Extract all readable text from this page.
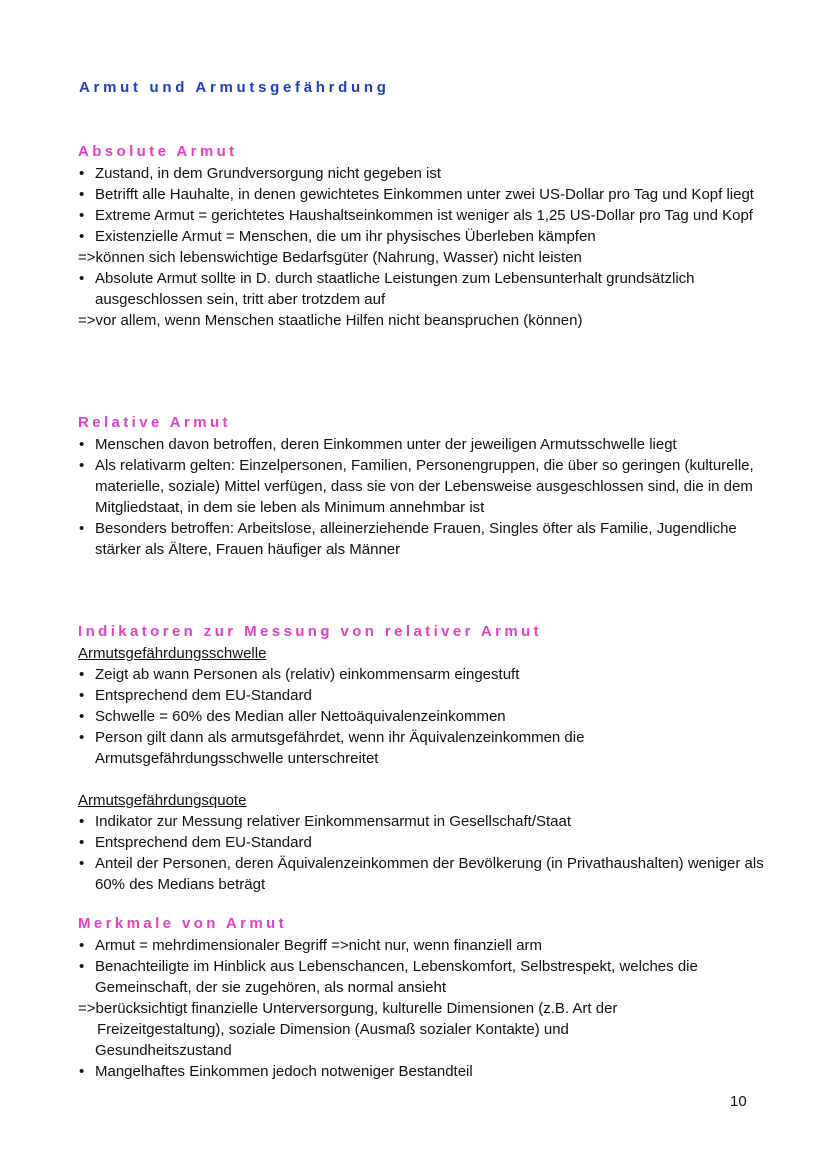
Armut und Armutsgefährdung
Absolute Armut
• Zustand, in dem Grundversorgung nicht gegeben ist
• Betrifft alle Hauhalte, in denen gewichtetes Einkommen unter zwei US-Dollar pro Tag und Kopf liegt
• Extreme Armut = gerichtetes Haushaltseinkommen ist weniger als 1,25 US-Dollar pro Tag und Kopf
• Existenzielle Armut = Menschen, die um ihr physisches Überleben kämpfen
=>können sich lebenswichtige Bedarfsgüter (Nahrung, Wasser) nicht leisten
• Absolute Armut sollte in D. durch staatliche Leistungen zum Lebensunterhalt grundsätzlich ausgeschlossen sein, tritt aber trotzdem auf
=>vor allem, wenn Menschen staatliche Hilfen nicht beanspruchen (können)
Relative Armut
• Menschen davon betroffen, deren Einkommen unter der jeweiligen Armutsschwelle liegt
• Als relativarm gelten: Einzelpersonen, Familien, Personengruppen, die über so geringen (kulturelle, materielle, soziale) Mittel verfügen, dass sie von der Lebensweise ausgeschlossen sind, die in dem Mitgliedstaat, in dem sie leben als Minimum annehmbar ist
• Besonders betroffen: Arbeitslose, alleinerziehende Frauen, Singles öfter als Familie, Jugendliche stärker als Ältere, Frauen häufiger als Männer
Indikatoren zur Messung von relativer Armut
Armutsgefährdungsschwelle
• Zeigt ab wann Personen als (relativ) einkommensarm eingestuft
• Entsprechend dem EU-Standard
• Schwelle = 60% des Median aller Nettoäquivalenzeinkommen
• Person gilt dann als armutsgefährdet, wenn ihr Äquivalenzeinkommen die Armutsgefährdungsschwelle unterschreitet
Armutsgefährdungsquote
• Indikator zur Messung relativer Einkommensarmut in Gesellschaft/Staat
• Entsprechend dem EU-Standard
• Anteil der Personen, deren Äquivalenzeinkommen der Bevölkerung (in Privathaushalten) weniger als 60% des Medians beträgt
Merkmale von Armut
• Armut = mehrdimensionaler Begriff =>nicht nur, wenn finanziell arm
• Benachteiligte im Hinblick aus Lebenschancen, Lebenskomfort, Selbstrespekt, welches die Gemeinschaft, der sie zugehören, als normal ansieht
=>berücksichtigt finanzielle Unterversorgung, kulturelle Dimensionen (z.B. Art der
Freizeitgestaltung), soziale Dimension (Ausmaß sozialer Kontakte) und
Gesundheitszustand
• Mangelhaftes Einkommen jedoch notweniger Bestandteil
10
